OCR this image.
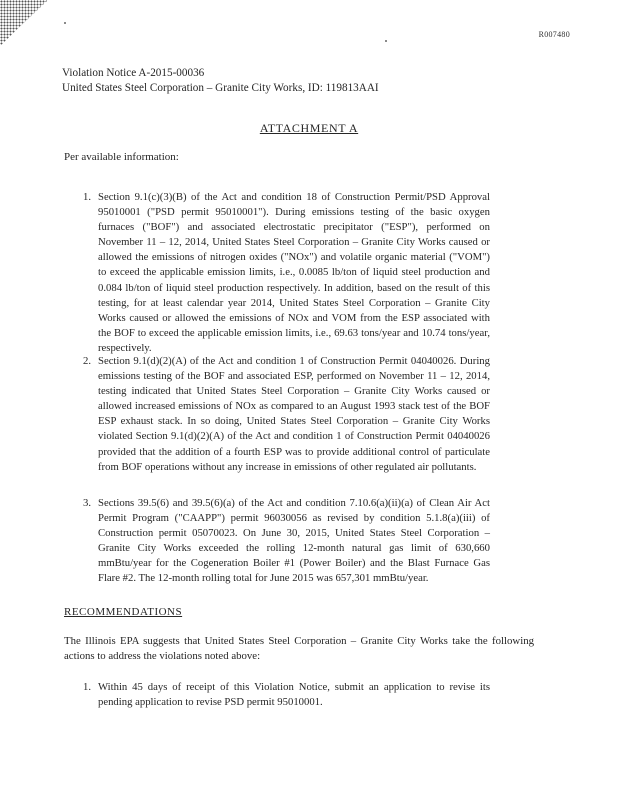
R007480
Violation Notice A-2015-00036
United States Steel Corporation – Granite City Works, ID: 119813AAI
ATTACHMENT A
Per available information:
1. Section 9.1(c)(3)(B) of the Act and condition 18 of Construction Permit/PSD Approval 95010001 ("PSD permit 95010001"). During emissions testing of the basic oxygen furnaces ("BOF") and associated electrostatic precipitator ("ESP"), performed on November 11 – 12, 2014, United States Steel Corporation – Granite City Works caused or allowed the emissions of nitrogen oxides ("NOx") and volatile organic material ("VOM") to exceed the applicable emission limits, i.e., 0.0085 lb/ton of liquid steel production and 0.084 lb/ton of liquid steel production respectively. In addition, based on the result of this testing, for at least calendar year 2014, United States Steel Corporation – Granite City Works caused or allowed the emissions of NOx and VOM from the ESP associated with the BOF to exceed the applicable emission limits, i.e., 69.63 tons/year and 10.74 tons/year, respectively.
2. Section 9.1(d)(2)(A) of the Act and condition 1 of Construction Permit 04040026. During emissions testing of the BOF and associated ESP, performed on November 11 – 12, 2014, testing indicated that United States Steel Corporation – Granite City Works caused or allowed increased emissions of NOx as compared to an August 1993 stack test of the BOF ESP exhaust stack. In so doing, United States Steel Corporation – Granite City Works violated Section 9.1(d)(2)(A) of the Act and condition 1 of Construction Permit 04040026 provided that the addition of a fourth ESP was to provide additional control of particulate from BOF operations without any increase in emissions of other regulated air pollutants.
3. Sections 39.5(6) and 39.5(6)(a) of the Act and condition 7.10.6(a)(ii)(a) of Clean Air Act Permit Program ("CAAPP") permit 96030056 as revised by condition 5.1.8(a)(iii) of Construction permit 05070023. On June 30, 2015, United States Steel Corporation – Granite City Works exceeded the rolling 12-month natural gas limit of 630,660 mmBtu/year for the Cogeneration Boiler #1 (Power Boiler) and the Blast Furnace Gas Flare #2. The 12-month rolling total for June 2015 was 657,301 mmBtu/year.
RECOMMENDATIONS
The Illinois EPA suggests that United States Steel Corporation – Granite City Works take the following actions to address the violations noted above:
1. Within 45 days of receipt of this Violation Notice, submit an application to revise its pending application to revise PSD permit 95010001.
